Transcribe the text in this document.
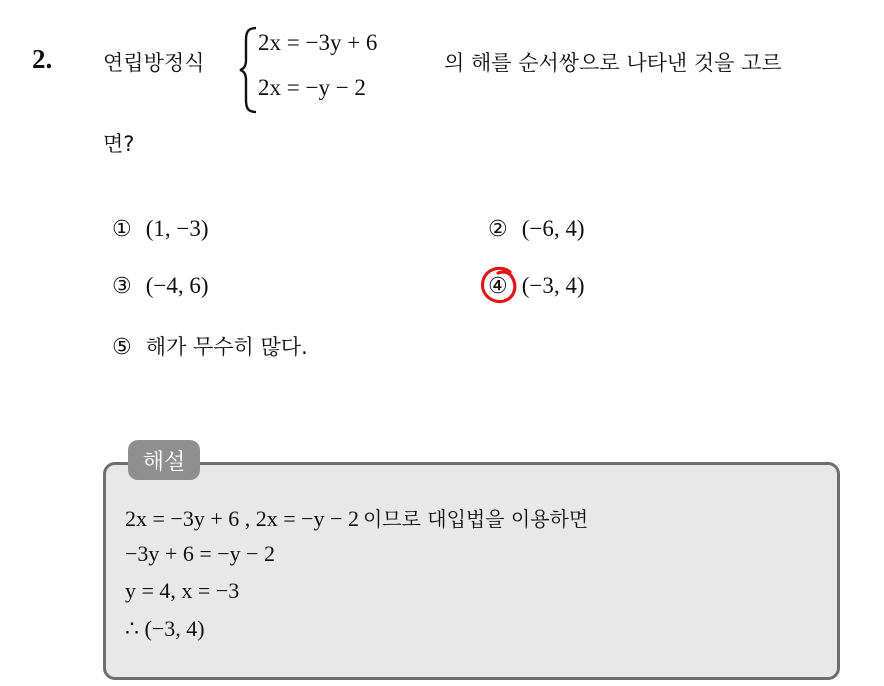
2. 연립방정식
2x = −3y + 6
2x = −y − 2
의 해를 순서쌍으로 나타낸 것을 고르
면?
① (1, −3)	② (−6, 4)
③ (−4, 6)	④ (−3, 4)
⑤ 해가 무수히 많다.
해설
2x = −3y + 6 , 2x = −y − 2 이므로 대입법을 이용하면
−3y + 6 = −y − 2
y = 4, x = −3
∴ (−3, 4)
